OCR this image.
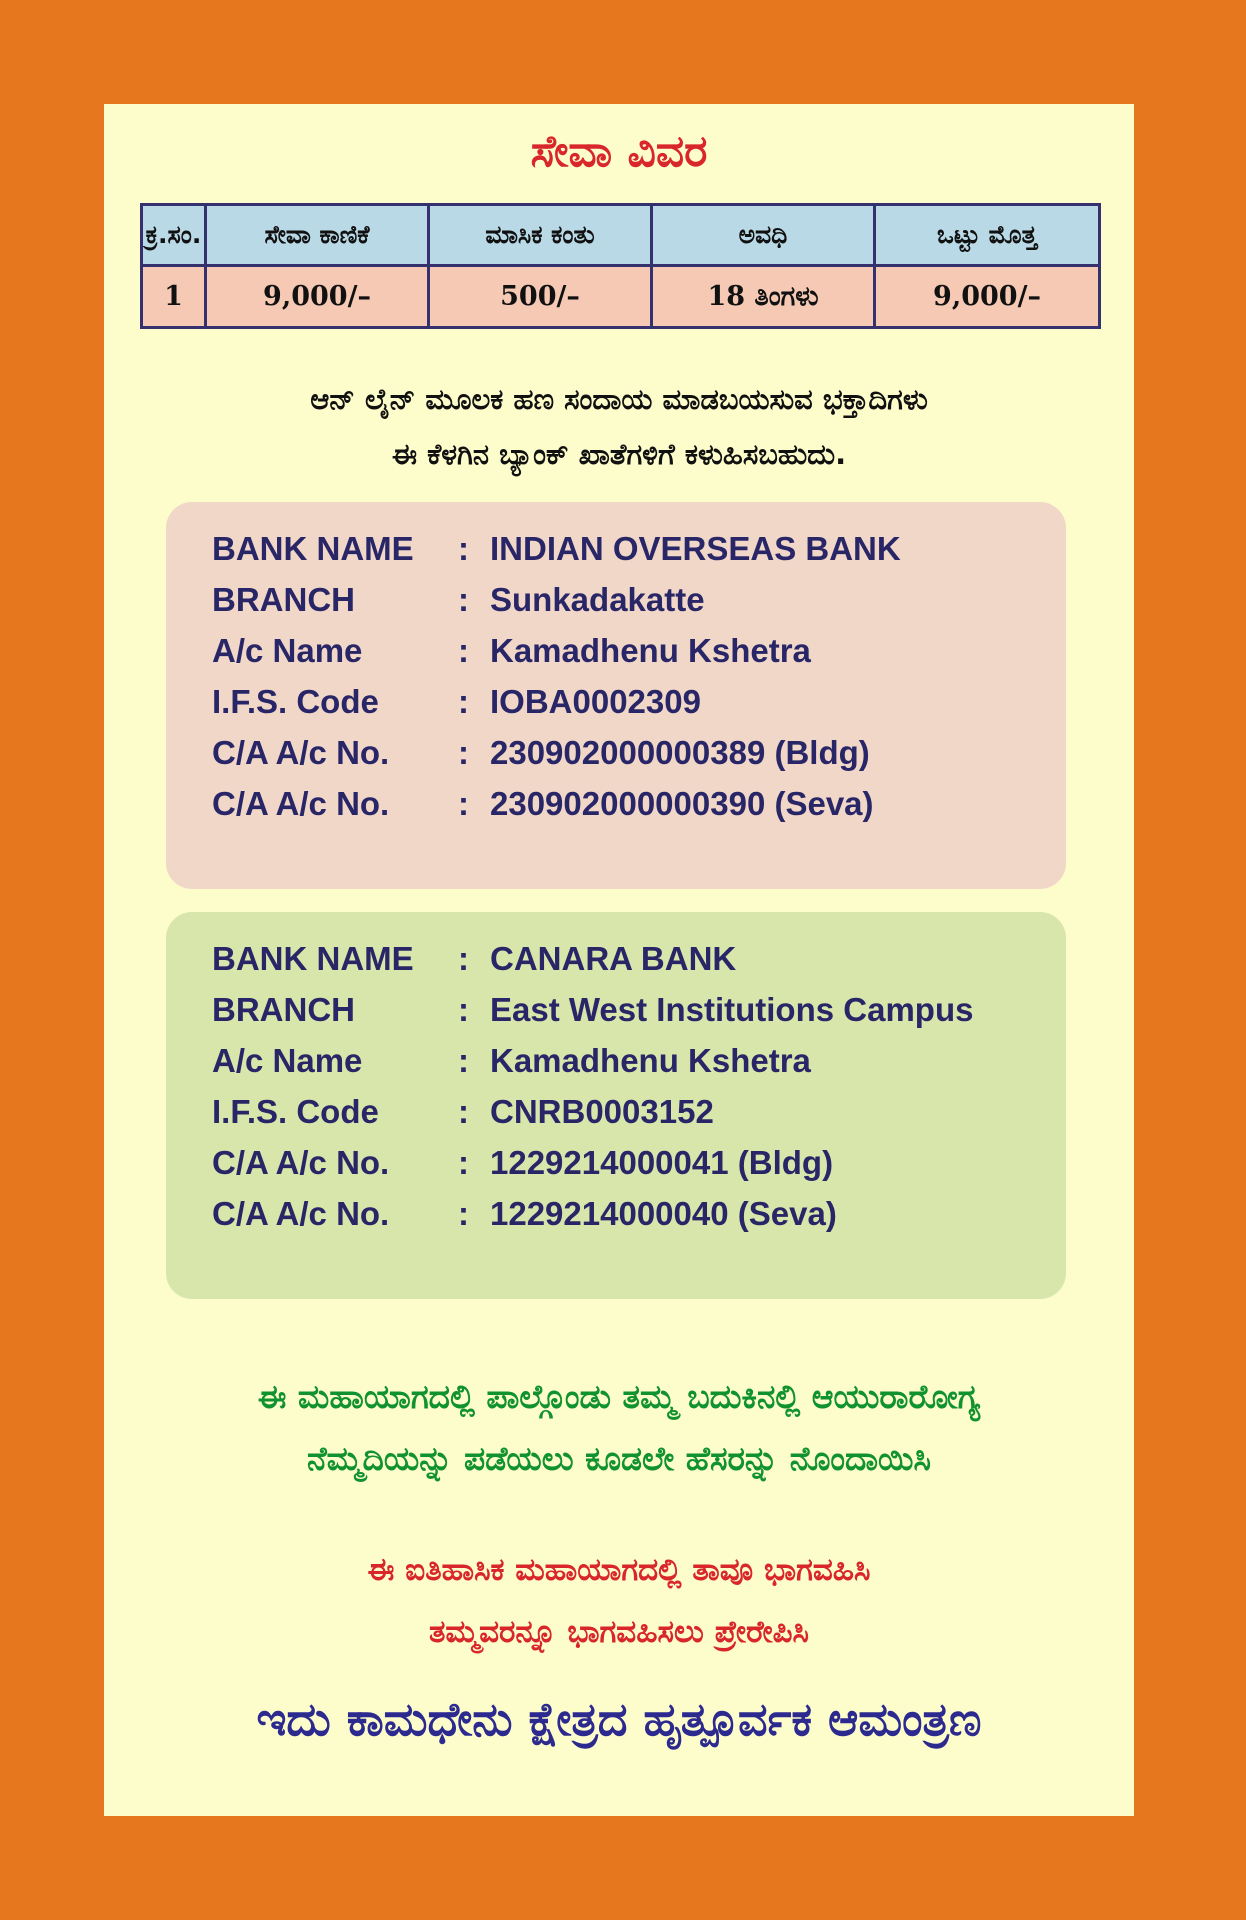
ಸೇವಾ ವಿವರ
ಕ್ರ.ಸಂ.	ಸೇವಾ ಕಾಣಿಕೆ	ಮಾಸಿಕ ಕಂತು	ಅವಧಿ	ಒಟ್ಟು ಮೊತ್ತ
1	9,000/–	500/–	18 ತಿಂಗಳು	9,000/–
ಆನ್ ಲೈನ್ ಮೂಲಕ ಹಣ ಸಂದಾಯ ಮಾಡಬಯಸುವ ಭಕ್ತಾದಿಗಳು
ಈ ಕೆಳಗಿನ ಬ್ಯಾಂಕ್ ಖಾತೆಗಳಿಗೆ ಕಳುಹಿಸಬಹುದು.
BANK NAME	: INDIAN OVERSEAS BANK
BRANCH	: Sunkadakatte
A/c Name	: Kamadhenu Kshetra
I.F.S. Code	: IOBA0002309
C/A A/c No.	: 230902000000389 (Bldg)
C/A A/c No.	: 230902000000390 (Seva)
BANK NAME	: CANARA BANK
BRANCH	: East West Institutions Campus
A/c Name	: Kamadhenu Kshetra
I.F.S. Code	: CNRB0003152
C/A A/c No.	: 1229214000041 (Bldg)
C/A A/c No.	: 1229214000040 (Seva)
ಈ ಮಹಾಯಾಗದಲ್ಲಿ ಪಾಲ್ಗೊಂಡು ತಮ್ಮ ಬದುಕಿನಲ್ಲಿ ಆಯುರಾರೋಗ್ಯ
ನೆಮ್ಮದಿಯನ್ನು ಪಡೆಯಲು ಕೂಡಲೇ ಹೆಸರನ್ನು ನೊಂದಾಯಿಸಿ
ಈ ಐತಿಹಾಸಿಕ ಮಹಾಯಾಗದಲ್ಲಿ ತಾವೂ ಭಾಗವಹಿಸಿ
ತಮ್ಮವರನ್ನೂ ಭಾಗವಹಿಸಲು ಪ್ರೇರೇಪಿಸಿ
ಇದು ಕಾಮಧೇನು ಕ್ಷೇತ್ರದ ಹೃತ್ಪೂರ್ವಕ ಆಮಂತ್ರಣ
